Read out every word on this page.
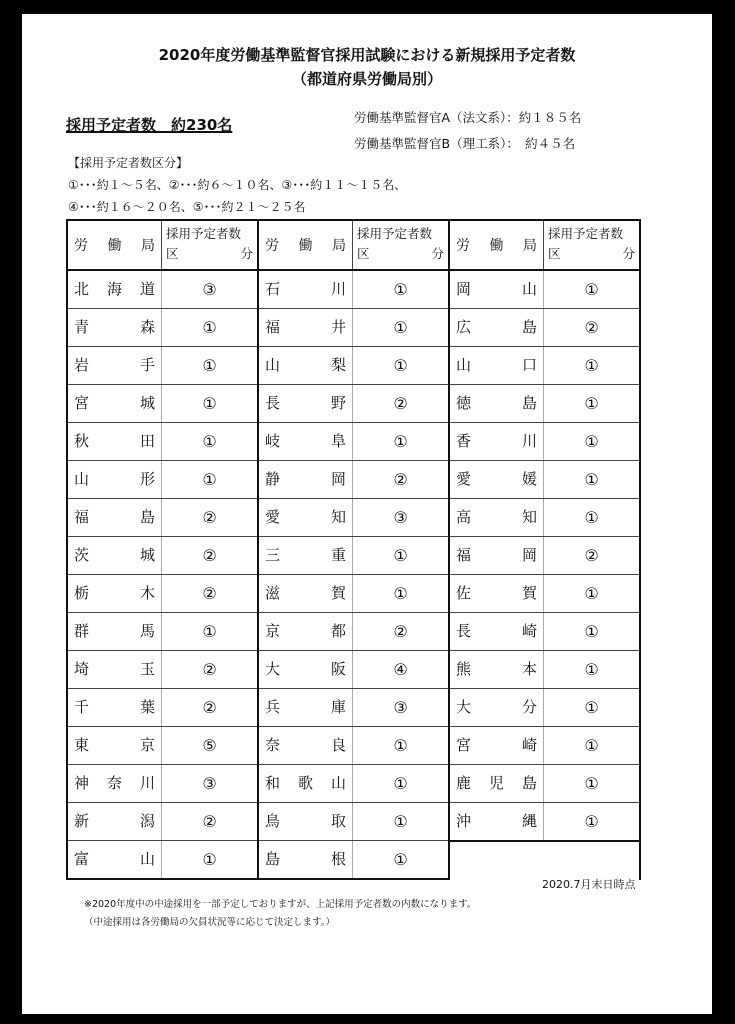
2020年度労働基準監督官採用試験における新規採用予定者数
（都道府県労働局別）
採用予定者数　約230名	労働基準監督官A（法文系）：約１８５名
労働基準監督官B（理工系）：　約４５名
【採用予定者数区分】
①･･･約１～５名、②･･･約６～１０名、③･･･約１１～１５名、
④･･･約１６～２０名、⑤･･･約２１～２５名
労 働 局
採用予定者数
区	分
北海道	③
青森	①
岩手	①
宮城	①
秋田	①
山形	①
福島	②
茨城	②
栃木	②
群馬	①
埼玉	②
千葉	②
東京	⑤
神奈川	③
新潟	②
富山	①
労 働 局
採用予定者数
区	分
石川	①
福井	①
山梨	①
長野	②
岐阜	①
静岡	②
愛知	③
三重	①
滋賀	①
京都	②
大阪	④
兵庫	③
奈良	①
和歌山	①
鳥取	①
島根	①
労 働 局
採用予定者数
区	分
岡山	①
広島	②
山口	①
徳島	①
香川	①
愛媛	①
高知	①
福岡	②
佐賀	①
長崎	①
熊本	①
大分	①
宮崎	①
鹿児島	①
沖縄	①
2020.7月末日時点
※2020年度中の中途採用を一部予定しておりますが、上記採用予定者数の内数になります。
（中途採用は各労働局の欠員状況等に応じて決定します。）
